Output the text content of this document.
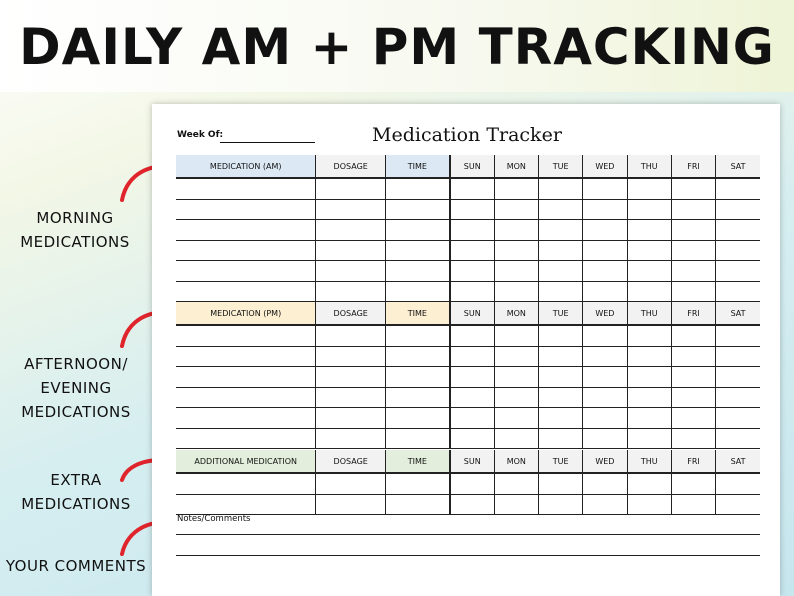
DAILY AM + PM TRACKING
MORNING
MEDICATIONS
AFTERNOON/
EVENING
MEDICATIONS
EXTRA
MEDICATIONS
YOUR COMMENTS
Week Of:	Medication Tracker
MEDICATION (AM)	DOSAGE	TIME	SUN	MON	TUE	WED	THU	FRI	SAT

MEDICATION (PM)	DOSAGE	TIME	SUN	MON	TUE	WED	THU	FRI	SAT

ADDITIONAL MEDICATION	DOSAGE	TIME	SUN	MON	TUE	WED	THU	FRI	SAT

Notes/Comments
